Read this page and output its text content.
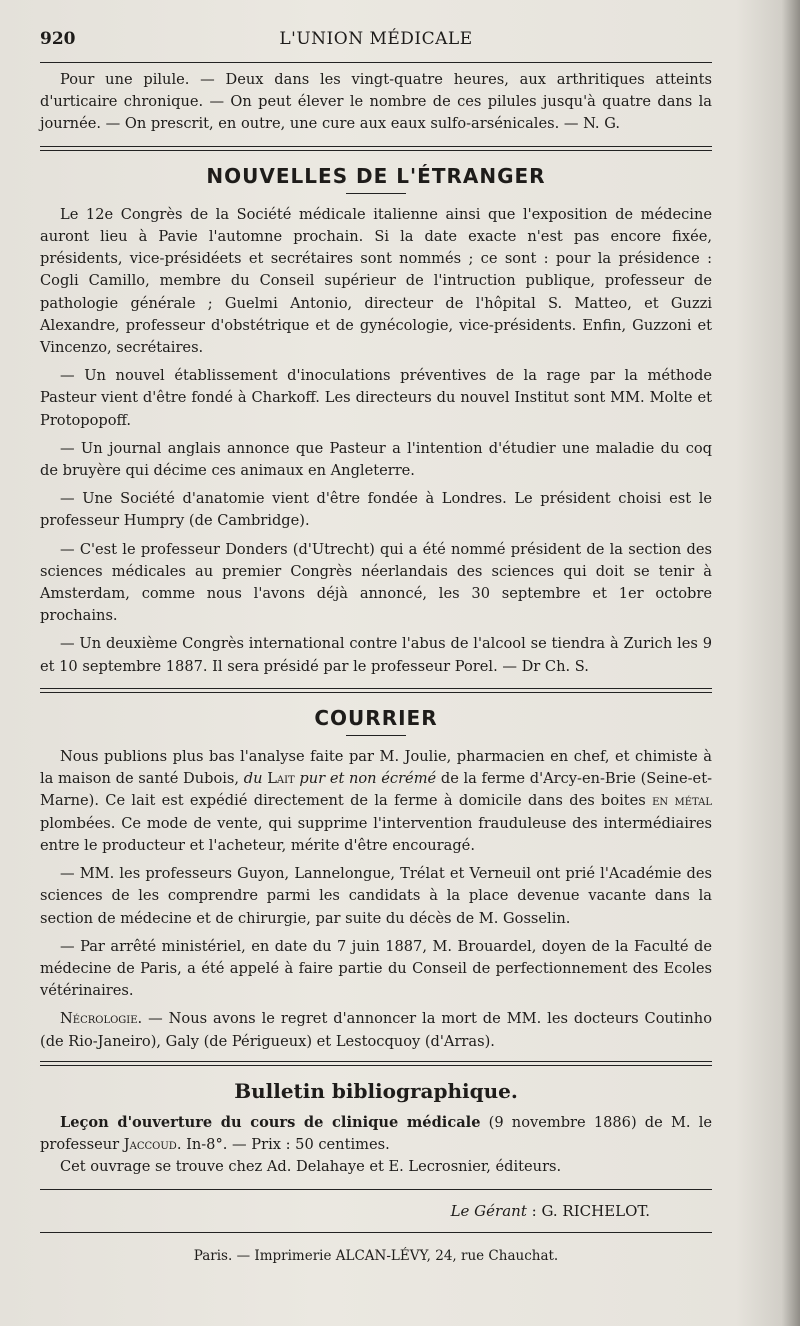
920	L'UNION MÉDICALE

Pour une pilule. — Deux dans les vingt-quatre heures, aux arthritiques atteints d'urticaire chronique. — On peut élever le nombre de ces pilules jusqu'à quatre dans la journée. — On prescrit, en outre, une cure aux eaux sulfo-arsénicales. — N. G.

NOUVELLES DE L'ÉTRANGER

Le 12e Congrès de la Société médicale italienne ainsi que l'exposition de médecine auront lieu à Pavie l'automne prochain. Si la date exacte n'est pas encore fixée, présidents, vice-présidéets et secrétaires sont nommés ; ce sont : pour la présidence : Cogli Camillo, membre du Conseil supérieur de l'intruction publique, professeur de pathologie générale ; Guelmi Antonio, directeur de l'hôpital S. Matteo, et Guzzi Alexandre, professeur d'obstétrique et de gynécologie, vice-présidents. Enfin, Guzzoni et Vincenzo, secrétaires.

— Un nouvel établissement d'inoculations préventives de la rage par la méthode Pasteur vient d'être fondé à Charkoff. Les directeurs du nouvel Institut sont MM. Molte et Protopopoff.

— Un journal anglais annonce que Pasteur a l'intention d'étudier une maladie du coq de bruyère qui décime ces animaux en Angleterre.

— Une Société d'anatomie vient d'être fondée à Londres. Le président choisi est le professeur Humpry (de Cambridge).

— C'est le professeur Donders (d'Utrecht) qui a été nommé président de la section des sciences médicales au premier Congrès néerlandais des sciences qui doit se tenir à Amsterdam, comme nous l'avons déjà annoncé, les 30 septembre et 1er octobre prochains.

— Un deuxième Congrès international contre l'abus de l'alcool se tiendra à Zurich les 9 et 10 septembre 1887. Il sera présidé par le professeur Porel. — Dr Ch. S.

COURRIER

Nous publions plus bas l'analyse faite par M. Joulie, pharmacien en chef, et chimiste à la maison de santé Dubois, du Lait pur et non écrémé de la ferme d'Arcy-en-Brie (Seine-et-Marne). Ce lait est expédié directement de la ferme à domicile dans des boites en métal plombées. Ce mode de vente, qui supprime l'intervention frauduleuse des intermédiaires entre le producteur et l'acheteur, mérite d'être encouragé.

— MM. les professeurs Guyon, Lannelongue, Trélat et Verneuil ont prié l'Académie des sciences de les comprendre parmi les candidats à la place devenue vacante dans la section de médecine et de chirurgie, par suite du décès de M. Gosselin.

— Par arrêté ministériel, en date du 7 juin 1887, M. Brouardel, doyen de la Faculté de médecine de Paris, a été appelé à faire partie du Conseil de perfectionnement des Ecoles vétérinaires.

Nécrologie. — Nous avons le regret d'annoncer la mort de MM. les docteurs Coutinho (de Rio-Janeiro), Galy (de Périgueux) et Lestocquoy (d'Arras).

Bulletin bibliographique.

Leçon d'ouverture du cours de clinique médicale (9 novembre 1886) de M. le professeur Jaccoud. In-8°. — Prix : 50 centimes.

Cet ouvrage se trouve chez Ad. Delahaye et E. Lecrosnier, éditeurs.

Le Gérant : G. RICHELOT.
Paris. — Imprimerie ALCAN-LÉVY, 24, rue Chauchat.
